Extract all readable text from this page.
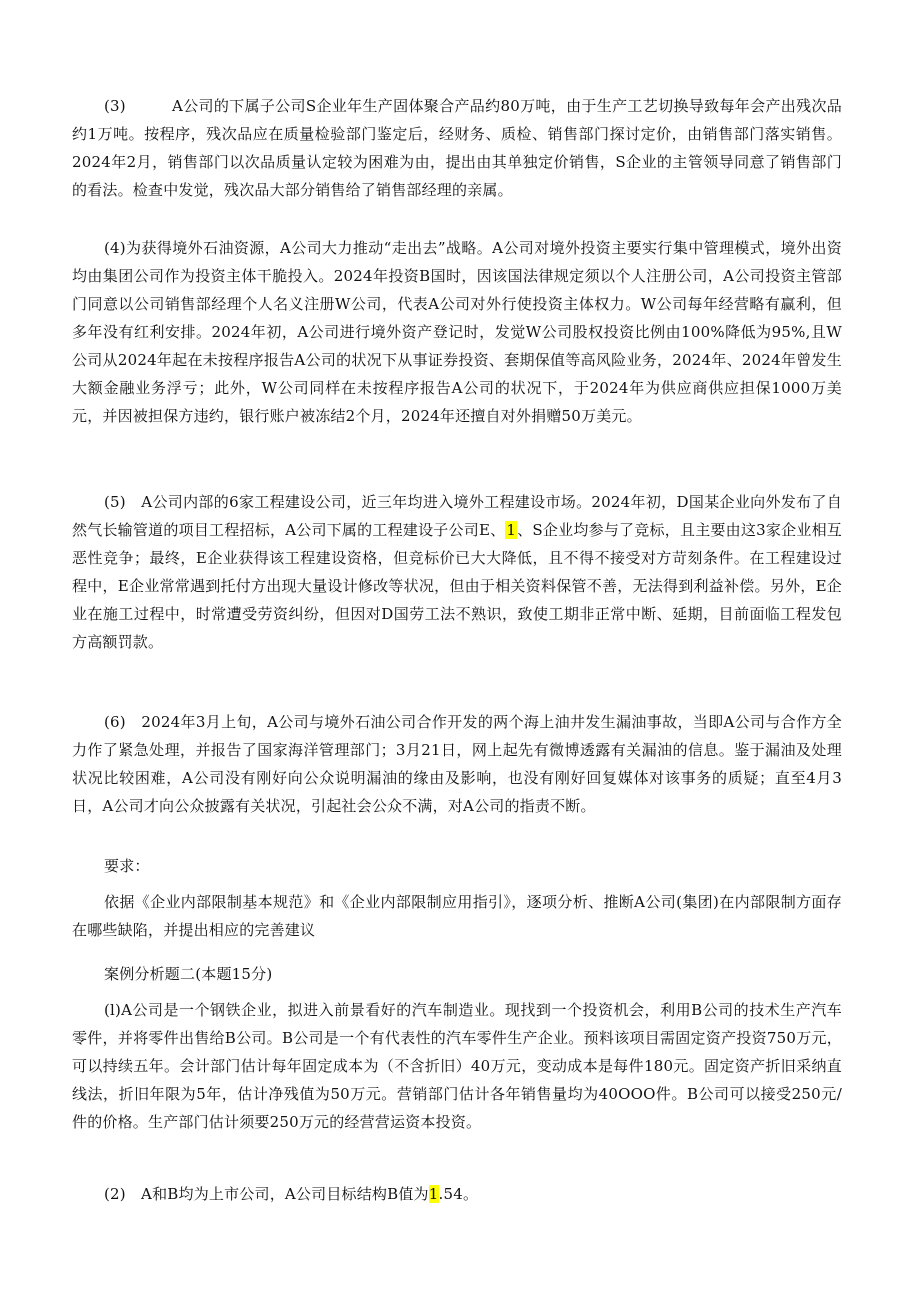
(3)　　　A公司的下属子公司S企业年生产固体聚合产品约80万吨，由于生产工艺切换导致每年会产出残次品约1万吨。按程序，残次品应在质量检验部门鉴定后，经财务、质检、销售部门探讨定价，由销售部门落实销售。2024年2月，销售部门以次品质量认定较为困难为由，提出由其单独定价销售，S企业的主管领导同意了销售部门的看法。检查中发觉，残次品大部分销售给了销售部经理的亲属。

(4)为获得境外石油资源，A公司大力推动“走出去”战略。A公司对境外投资主要实行集中管理模式，境外出资均由集团公司作为投资主体干脆投入。2024年投资B国时，因该国法律规定须以个人注册公司，A公司投资主管部门同意以公司销售部经理个人名义注册W公司，代表A公司对外行使投资主体权力。W公司每年经营略有赢利，但多年没有红利安排。2024年初，A公司进行境外资产登记时，发觉W公司股权投资比例由100%降低为95%,且W公司从2024年起在未按程序报告A公司的状况下从事证券投资、套期保值等高风险业务，2024年、2024年曾发生大额金融业务浮亏；此外，W公司同样在未按程序报告A公司的状况下，于2024年为供应商供应担保1000万美元，并因被担保方违约，银行账户被冻结2个月，2024年还擅自对外捐赠50万美元。

(5)　A公司内部的6家工程建设公司，近三年均进入境外工程建设市场。2024年初，D国某企业向外发布了自然气长输管道的项目工程招标，A公司下属的工程建设子公司E、1、S企业均参与了竞标，且主要由这3家企业相互恶性竞争；最终，E企业获得该工程建设资格，但竞标价已大大降低，且不得不接受对方苛刻条件。在工程建设过程中，E企业常常遇到托付方出现大量设计修改等状况，但由于相关资料保管不善，无法得到利益补偿。另外，E企业在施工过程中，时常遭受劳资纠纷，但因对D国劳工法不熟识，致使工期非正常中断、延期，目前面临工程发包方高额罚款。

(6)　2024年3月上旬，A公司与境外石油公司合作开发的两个海上油井发生漏油事故，当即A公司与合作方全力作了紧急处理，并报告了国家海洋管理部门；3月21日，网上起先有微博透露有关漏油的信息。鉴于漏油及处理状况比较困难，A公司没有刚好向公众说明漏油的缘由及影响，也没有刚好回复媒体对该事务的质疑；直至4月3日，A公司才向公众披露有关状况，引起社会公众不满，对A公司的指责不断。

要求：

依据《企业内部限制基本规范》和《企业内部限制应用指引》，逐项分析、推断A公司(集团)在内部限制方面存在哪些缺陷，并提出相应的完善建议

案例分析题二(本题15分)

(l)A公司是一个钢铁企业，拟进入前景看好的汽车制造业。现找到一个投资机会，利用B公司的技术生产汽车零件，并将零件出售给B公司。B公司是一个有代表性的汽车零件生产企业。预料该项目需固定资产投资750万元，可以持续五年。会计部门估计每年固定成本为（不含折旧）40万元，变动成本是每件180元。固定资产折旧采纳直线法，折旧年限为5年，估计净残值为50万元。营销部门估计各年销售量均为40OOO件。B公司可以接受250元/件的价格。生产部门估计须要250万元的经营营运资本投资。

(2)　A和B均为上市公司，A公司目标结构B值为1.54。
